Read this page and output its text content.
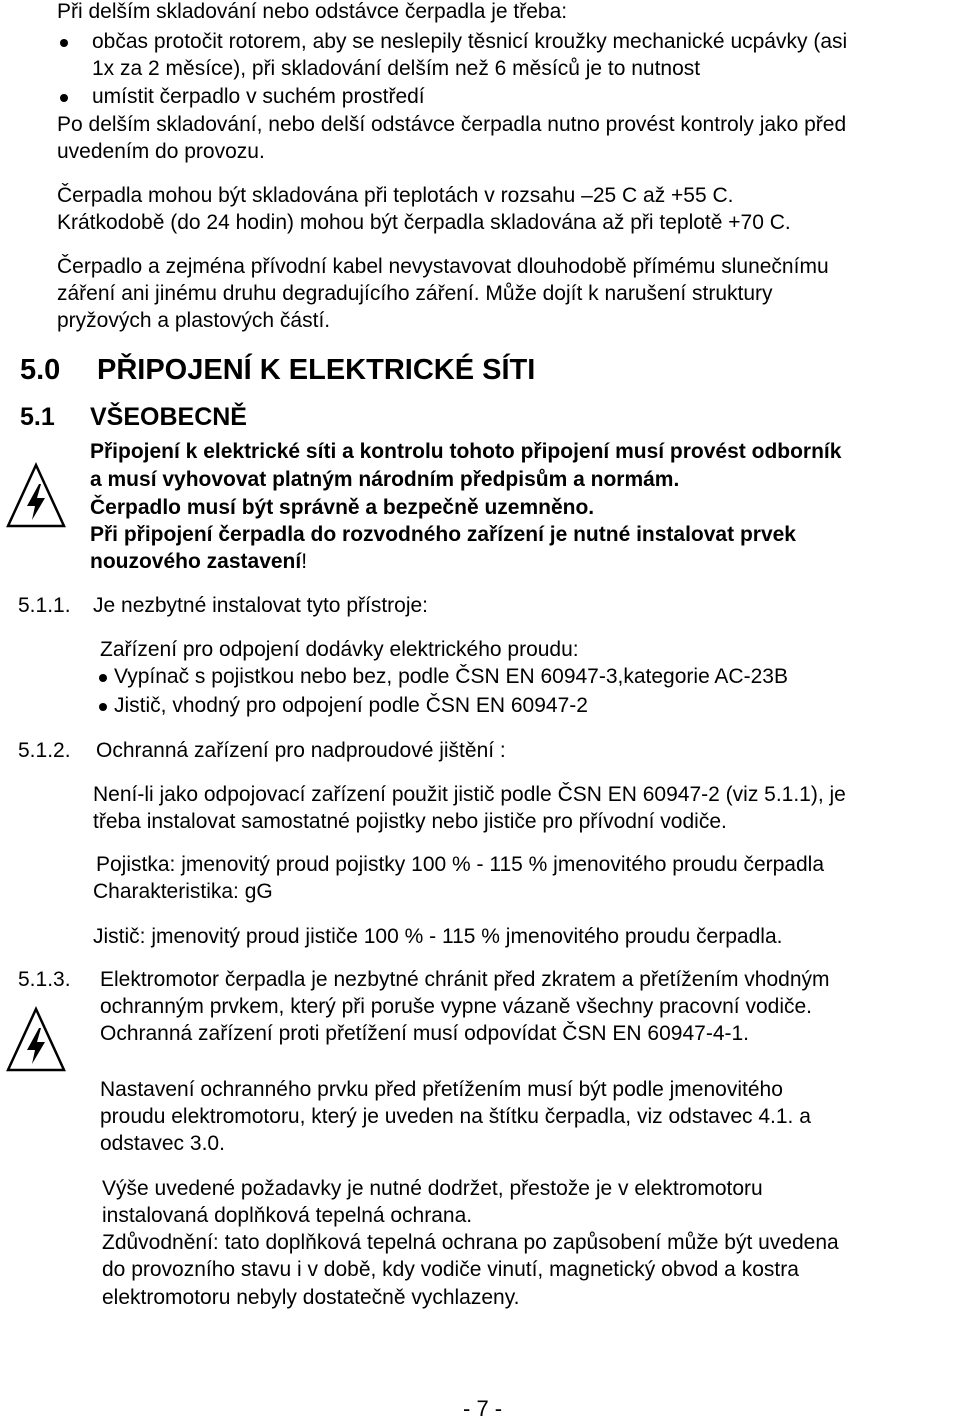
Při delším skladování nebo odstávce čerpadla je třeba:
občas protočit rotorem, aby se neslepily těsnicí kroužky mechanické ucpávky (asi
1x za 2 měsíce), při skladování delším než 6 měsíců je to nutnost
umístit čerpadlo v suchém prostředí
Po delším skladování, nebo delší odstávce čerpadla nutno provést kontroly jako před
uvedením do provozu.
Čerpadla mohou být skladována při teplotách v rozsahu –25 C až +55 C.
Krátkodobě (do 24 hodin) mohou být čerpadla skladována až při teplotě +70 C.
Čerpadlo a zejména přívodní kabel nevystavovat dlouhodobě přímému slunečnímu
záření ani jinému druhu degradujícího záření. Může dojít k narušení struktury
pryžových a plastových částí.
5.0 PŘIPOJENÍ K ELEKTRICKÉ SÍTI
5.1 VŠEOBECNĚ
Připojení k elektrické síti a kontrolu tohoto připojení musí provést odborník
a musí vyhovovat platným národním předpisům a normám.
Čerpadlo musí být správně a bezpečně uzemněno.
Při připojení čerpadla do rozvodného zařízení je nutné instalovat prvek
nouzového zastavení!
5.1.1. Je nezbytné instalovat tyto přístroje:
Zařízení pro odpojení dodávky elektrického proudu:
Vypínač s pojistkou nebo bez, podle ČSN EN 60947-3,kategorie AC-23B
Jistič, vhodný pro odpojení podle ČSN EN 60947-2
5.1.2. Ochranná zařízení pro nadproudové jištění :
Není-li jako odpojovací zařízení použit jistič podle ČSN EN 60947-2 (viz 5.1.1), je
třeba instalovat samostatné pojistky nebo jističe pro přívodní vodiče.
Pojistka: jmenovitý proud pojistky 100 % - 115 % jmenovitého proudu čerpadla
Charakteristika: gG
Jistič: jmenovitý proud jističe 100 % - 115 % jmenovitého proudu čerpadla.
5.1.3. Elektromotor čerpadla je nezbytné chránit před zkratem a přetížením vhodným
ochranným prvkem, který při poruše vypne vázaně všechny pracovní vodiče.
Ochranná zařízení proti přetížení musí odpovídat ČSN EN 60947-4-1.
Nastavení ochranného prvku před přetížením musí být podle jmenovitého
proudu elektromotoru, který je uveden na štítku čerpadla, viz odstavec 4.1. a
odstavec 3.0.
Výše uvedené požadavky je nutné dodržet, přestože je v elektromotoru
instalovaná doplňková tepelná ochrana.
Zdůvodnění: tato doplňková tepelná ochrana po zapůsobení může být uvedena
do provozního stavu i v době, kdy vodiče vinutí, magnetický obvod a kostra
elektromotoru nebyly dostatečně vychlazeny.
- 7 -
